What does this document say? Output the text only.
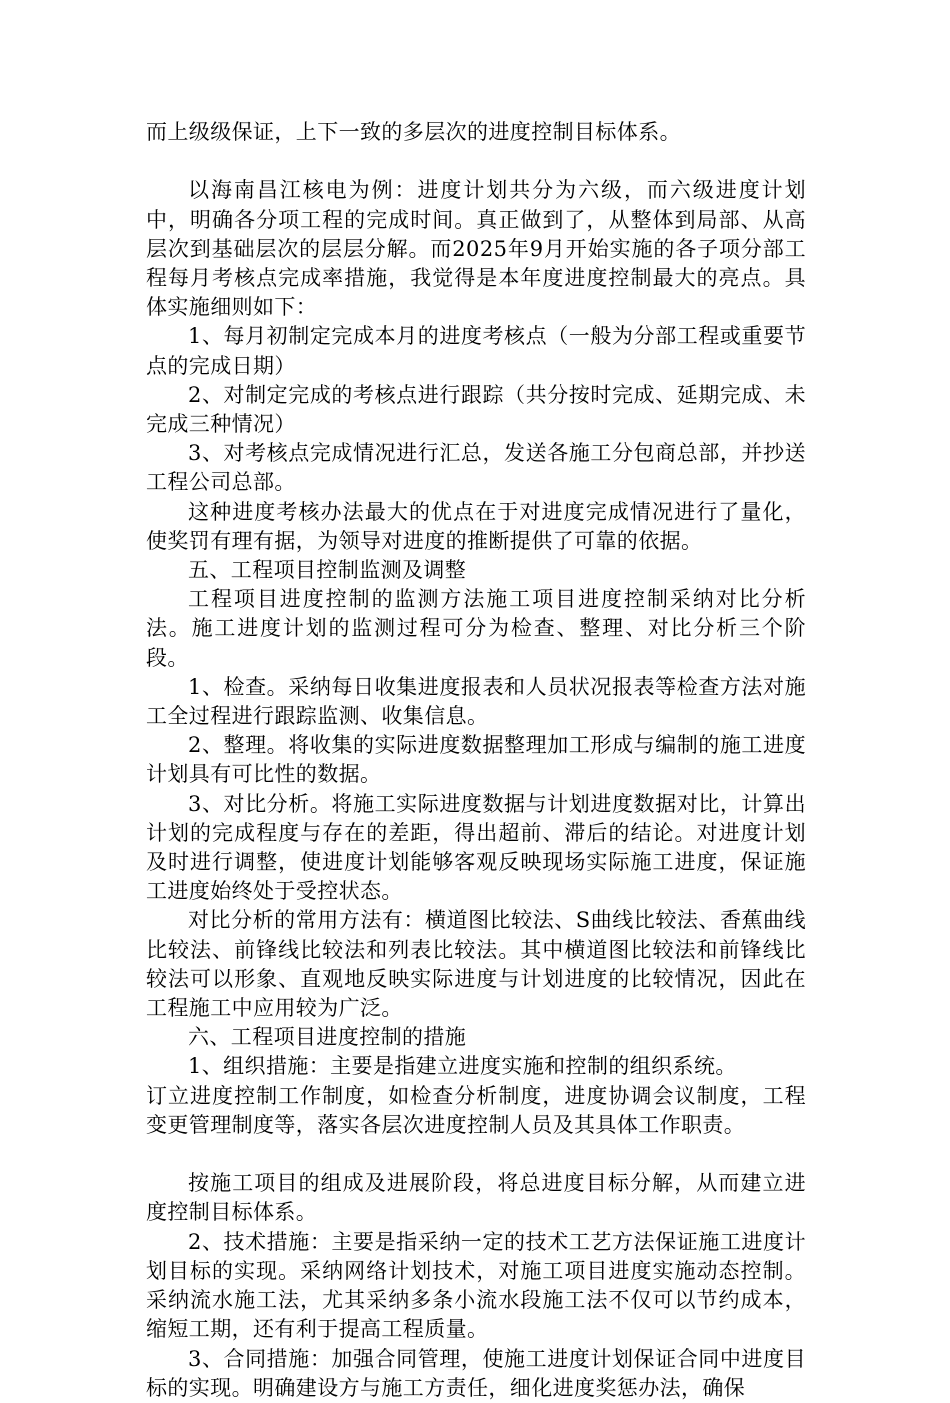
而上级级保证，上下一致的多层次的进度控制目标体系。

以海南昌江核电为例：进度计划共分为六级，而六级进度计划中，明确各分项工程的完成时间。真正做到了，从整体到局部、从高层次到基础层次的层层分解。而2025年9月开始实施的各子项分部工程每月考核点完成率措施，我觉得是本年度进度控制最大的亮点。具体实施细则如下：

1、每月初制定完成本月的进度考核点（一般为分部工程或重要节点的完成日期）

2、对制定完成的考核点进行跟踪（共分按时完成、延期完成、未完成三种情况）

3、对考核点完成情况进行汇总，发送各施工分包商总部，并抄送工程公司总部。

这种进度考核办法最大的优点在于对进度完成情况进行了量化，使奖罚有理有据，为领导对进度的推断提供了可靠的依据。

五、工程项目控制监测及调整

工程项目进度控制的监测方法施工项目进度控制采纳对比分析法。施工进度计划的监测过程可分为检查、整理、对比分析三个阶段。

1、检查。采纳每日收集进度报表和人员状况报表等检查方法对施工全过程进行跟踪监测、收集信息。

2、整理。将收集的实际进度数据整理加工形成与编制的施工进度计划具有可比性的数据。

3、对比分析。将施工实际进度数据与计划进度数据对比，计算出计划的完成程度与存在的差距，得出超前、滞后的结论。对进度计划及时进行调整，使进度计划能够客观反映现场实际施工进度，保证施工进度始终处于受控状态。

对比分析的常用方法有：横道图比较法、S曲线比较法、香蕉曲线比较法、前锋线比较法和列表比较法。其中横道图比较法和前锋线比较法可以形象、直观地反映实际进度与计划进度的比较情况，因此在工程施工中应用较为广泛。

六、工程项目进度控制的措施

1、组织措施：主要是指建立进度实施和控制的组织系统。

订立进度控制工作制度，如检查分析制度，进度协调会议制度，工程变更管理制度等，落实各层次进度控制人员及其具体工作职责。

按施工项目的组成及进展阶段，将总进度目标分解，从而建立进度控制目标体系。

2、技术措施：主要是指采纳一定的技术工艺方法保证施工进度计划目标的实现。采纳网络计划技术，对施工项目进度实施动态控制。采纳流水施工法，尤其采纳多条小流水段施工法不仅可以节约成本，缩短工期，还有利于提高工程质量。

3、合同措施：加强合同管理，使施工进度计划保证合同中进度目标的实现。明确建设方与施工方责任，细化进度奖惩办法，确保
